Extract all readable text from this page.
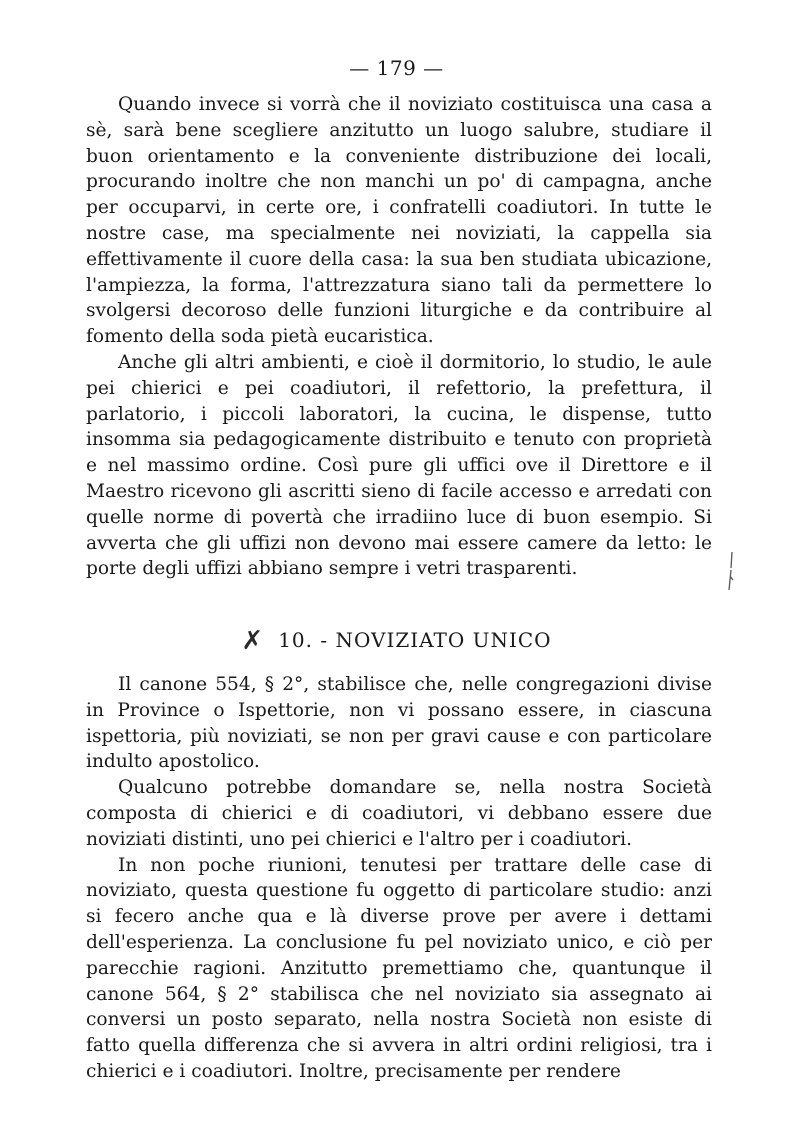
— 179 —

Quando invece si vorrà che il noviziato costituisca una casa a sè, sarà bene scegliere anzitutto un luogo salubre, studiare il buon orientamento e la conveniente distribuzione dei locali, procurando inoltre che non manchi un po' di campagna, anche per occuparvi, in certe ore, i confratelli coadiutori. In tutte le nostre case, ma specialmente nei noviziati, la cappella sia effettivamente il cuore della casa: la sua ben studiata ubicazione, l'ampiezza, la forma, l'attrezzatura siano tali da permettere lo svolgersi decoroso delle funzioni liturgiche e da contribuire al fomento della soda pietà eucaristica.

Anche gli altri ambienti, e cioè il dormitorio, lo studio, le aule pei chierici e pei coadiutori, il refettorio, la prefettura, il parlatorio, i piccoli laboratori, la cucina, le dispense, tutto insomma sia pedagogicamente distribuito e tenuto con proprietà e nel massimo ordine. Così pure gli uffici ove il Direttore e il Maestro ricevono gli ascritti sieno di facile accesso e arredati con quelle norme di povertà che irradiino luce di buon esempio. Si avverta che gli uffizi non devono mai essere camere da letto: le porte degli uffizi abbiano sempre i vetri trasparenti.

✗ 10. - NOVIZIATO UNICO

Il canone 554, § 2°, stabilisce che, nelle congregazioni divise in Province o Ispettorie, non vi possano essere, in ciascuna ispettoria, più noviziati, se non per gravi cause e con particolare indulto apostolico.

Qualcuno potrebbe domandare se, nella nostra Società composta di chierici e di coadiutori, vi debbano essere due noviziati distinti, uno pei chierici e l'altro per i coadiutori.

In non poche riunioni, tenutesi per trattare delle case di noviziato, questa questione fu oggetto di particolare studio: anzi si fecero anche qua e là diverse prove per avere i dettami dell'esperienza. La conclusione fu pel noviziato unico, e ciò per parecchie ragioni. Anzitutto premettiamo che, quantunque il canone 564, § 2° stabilisca che nel noviziato sia assegnato ai conversi un posto separato, nella nostra Società non esiste di fatto quella differenza che si avvera in altri ordini religiosi, tra i chierici e i coadiutori. Inoltre, precisamente per rendere
